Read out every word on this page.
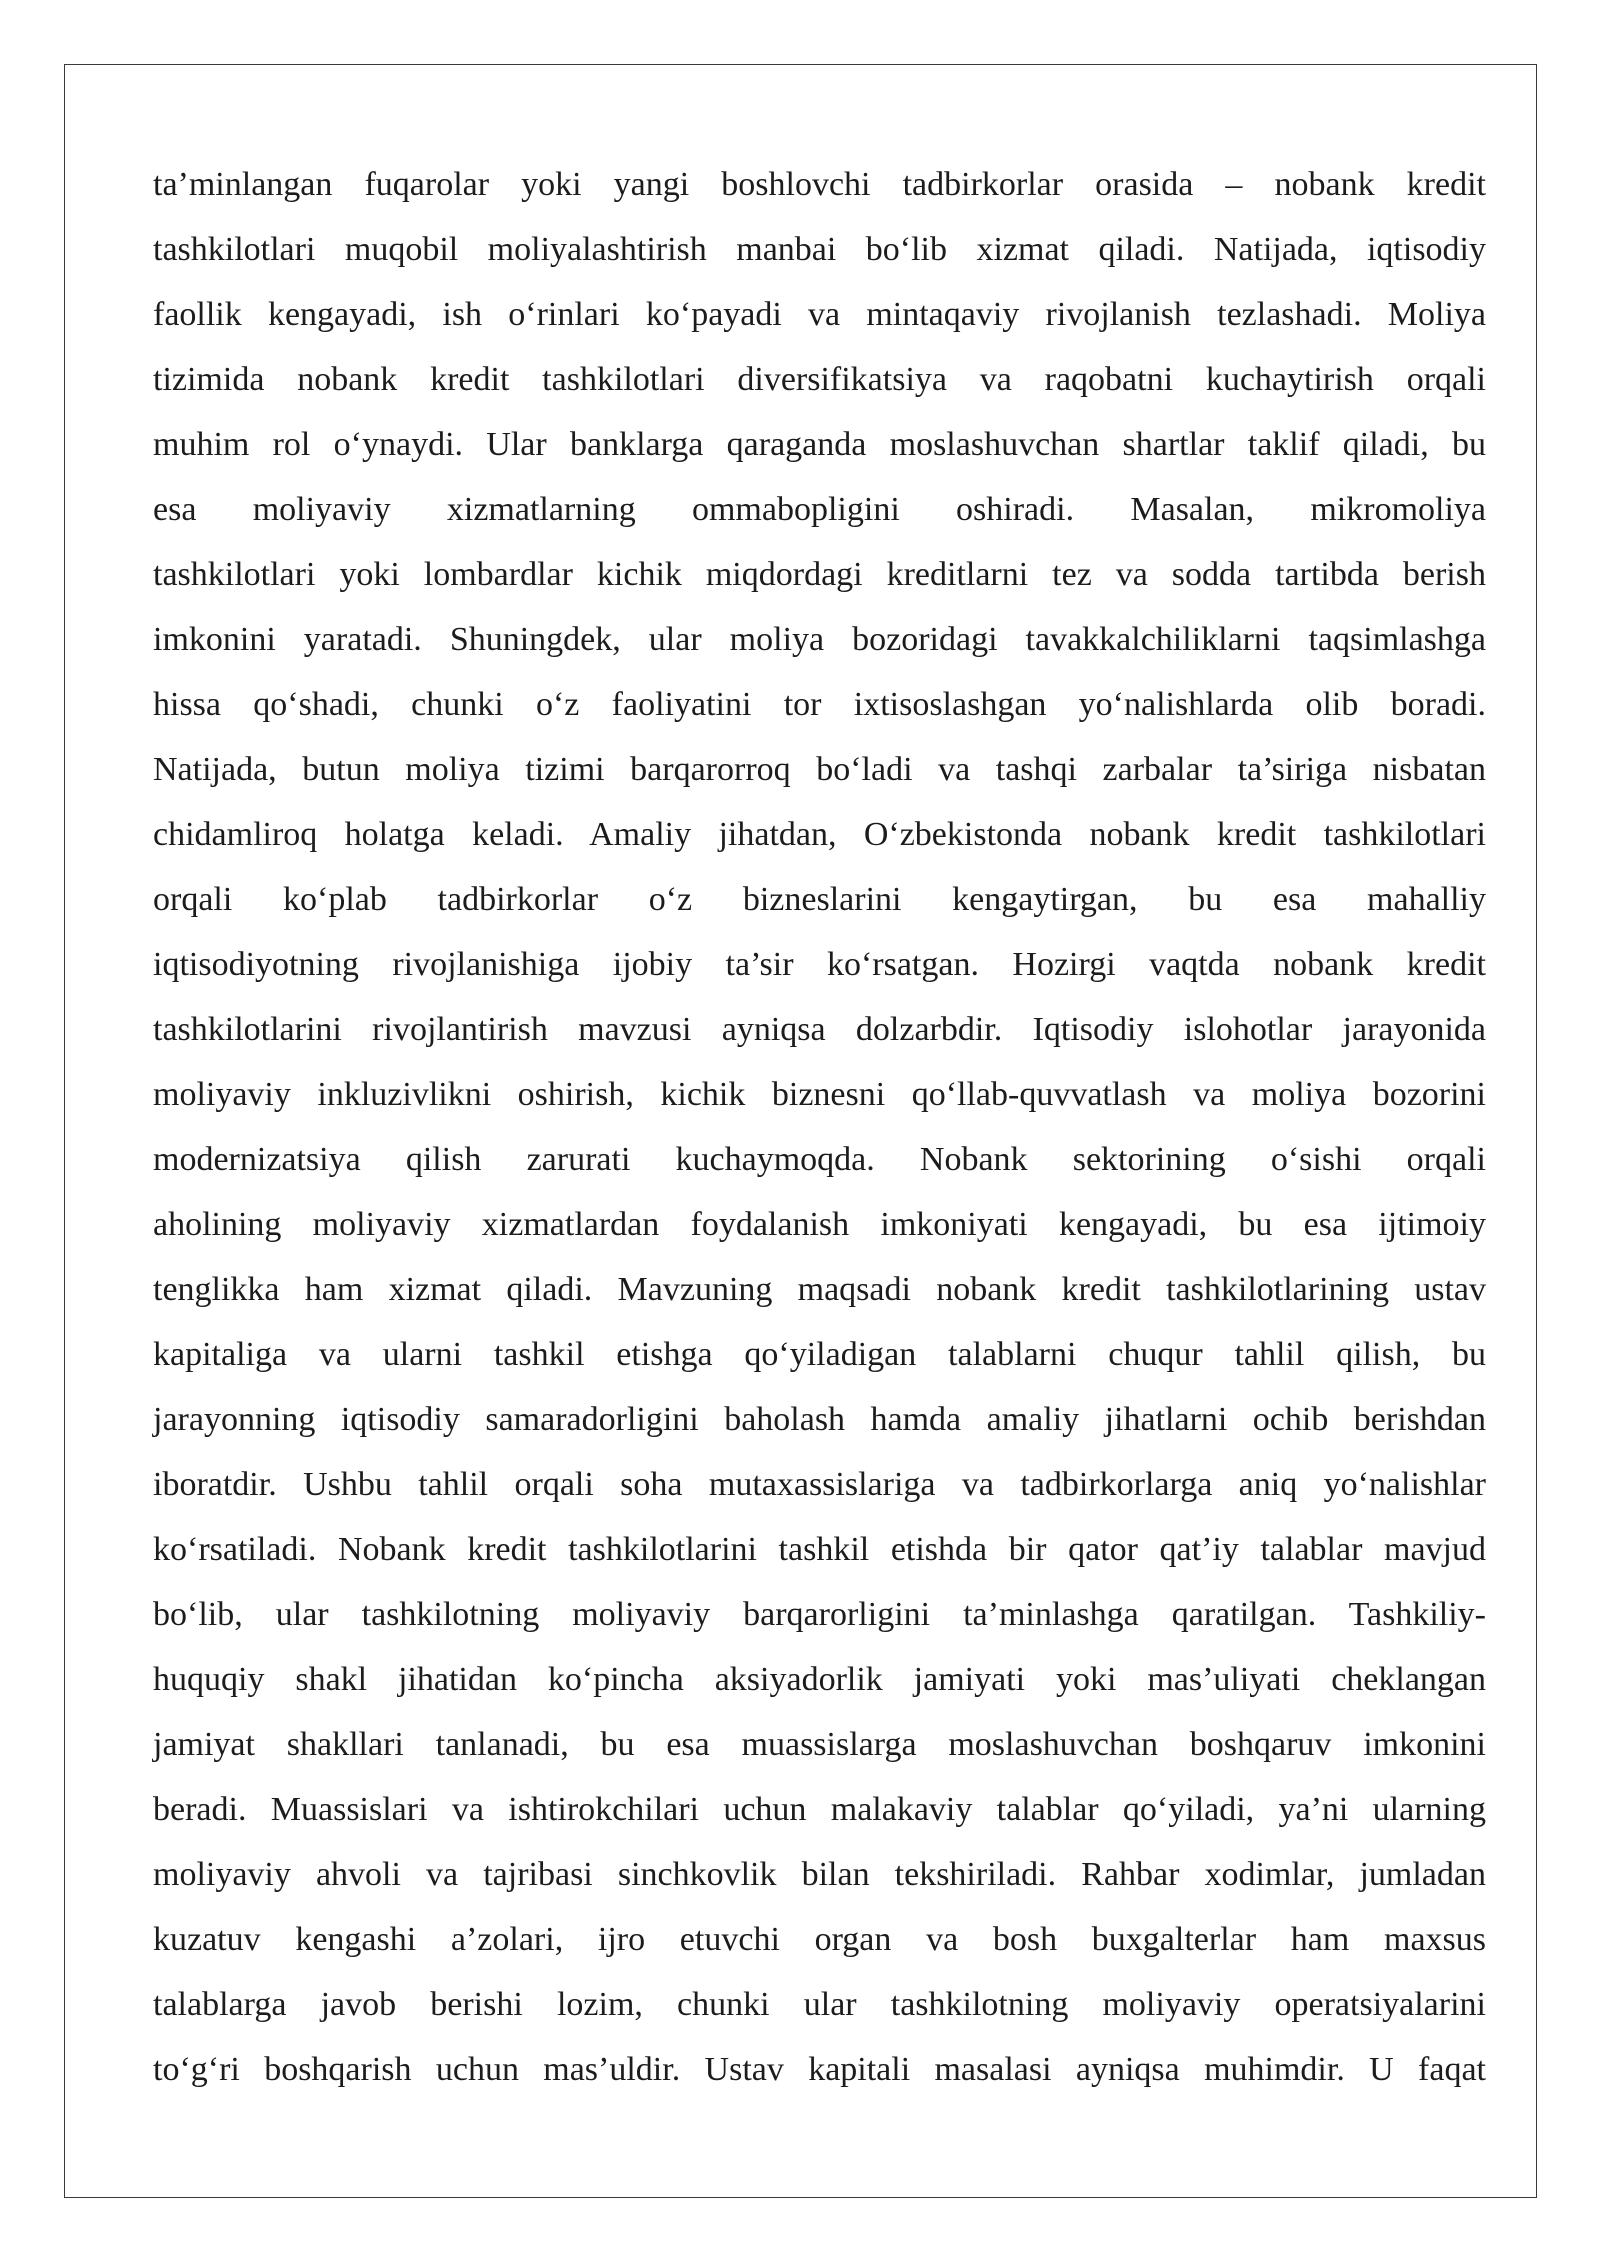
ta’minlangan fuqarolar yoki yangi boshlovchi tadbirkorlar orasida – nobank kredit
tashkilotlari muqobil moliyalashtirish manbai bo‘lib xizmat qiladi. Natijada, iqtisodiy
faollik kengayadi, ish o‘rinlari ko‘payadi va mintaqaviy rivojlanish tezlashadi. Moliya
tizimida nobank kredit tashkilotlari diversifikatsiya va raqobatni kuchaytirish orqali
muhim rol o‘ynaydi. Ular banklarga qaraganda moslashuvchan shartlar taklif qiladi, bu
esa moliyaviy xizmatlarning ommabopligini oshiradi. Masalan, mikromoliya
tashkilotlari yoki lombardlar kichik miqdordagi kreditlarni tez va sodda tartibda berish
imkonini yaratadi. Shuningdek, ular moliya bozoridagi tavakkalchiliklarni taqsimlashga
hissa qo‘shadi, chunki o‘z faoliyatini tor ixtisoslashgan yo‘nalishlarda olib boradi.
Natijada, butun moliya tizimi barqarorroq bo‘ladi va tashqi zarbalar ta’siriga nisbatan
chidamliroq holatga keladi. Amaliy jihatdan, O‘zbekistonda nobank kredit tashkilotlari
orqali ko‘plab tadbirkorlar o‘z bizneslarini kengaytirgan, bu esa mahalliy
iqtisodiyotning rivojlanishiga ijobiy ta’sir ko‘rsatgan. Hozirgi vaqtda nobank kredit
tashkilotlarini rivojlantirish mavzusi ayniqsa dolzarbdir. Iqtisodiy islohotlar jarayonida
moliyaviy inkluzivlikni oshirish, kichik biznesni qo‘llab-quvvatlash va moliya bozorini
modernizatsiya qilish zarurati kuchaymoqda. Nobank sektorining o‘sishi orqali
aholining moliyaviy xizmatlardan foydalanish imkoniyati kengayadi, bu esa ijtimoiy
tenglikka ham xizmat qiladi. Mavzuning maqsadi nobank kredit tashkilotlarining ustav
kapitaliga va ularni tashkil etishga qo‘yiladigan talablarni chuqur tahlil qilish, bu
jarayonning iqtisodiy samaradorligini baholash hamda amaliy jihatlarni ochib berishdan
iboratdir. Ushbu tahlil orqali soha mutaxassislariga va tadbirkorlarga aniq yo‘nalishlar
ko‘rsatiladi. Nobank kredit tashkilotlarini tashkil etishda bir qator qat’iy talablar mavjud
bo‘lib, ular tashkilotning moliyaviy barqarorligini ta’minlashga qaratilgan. Tashkiliy-
huquqiy shakl jihatidan ko‘pincha aksiyadorlik jamiyati yoki mas’uliyati cheklangan
jamiyat shakllari tanlanadi, bu esa muassislarga moslashuvchan boshqaruv imkonini
beradi. Muassislari va ishtirokchilari uchun malakaviy talablar qo‘yiladi, ya’ni ularning
moliyaviy ahvoli va tajribasi sinchkovlik bilan tekshiriladi. Rahbar xodimlar, jumladan
kuzatuv kengashi a’zolari, ijro etuvchi organ va bosh buxgalterlar ham maxsus
talablarga javob berishi lozim, chunki ular tashkilotning moliyaviy operatsiyalarini
to‘g‘ri boshqarish uchun mas’uldir. Ustav kapitali masalasi ayniqsa muhimdir. U faqat
